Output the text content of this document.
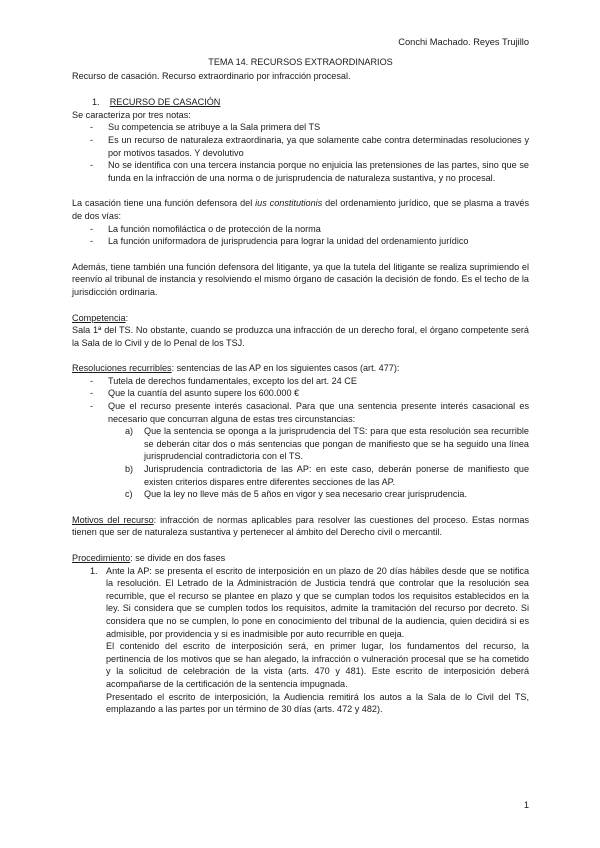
Conchi Machado. Reyes Trujillo
TEMA 14. RECURSOS EXTRAORDINARIOS
Recurso de casación. Recurso extraordinario por infracción procesal.
1. RECURSO DE CASACIÓN

Se caracteriza por tres notas:

- Su competencia se atribuye a la Sala primera del TS
- Es un recurso de naturaleza extraordinaria, ya que solamente cabe contra determinadas resoluciones y por motivos tasados. Y devolutivo
- No se identifica con una tercera instancia porque no enjuicia las pretensiones de las partes, sino que se funda en la infracción de una norma o de jurisprudencia de naturaleza sustantiva, y no procesal.

La casación tiene una función defensora del ius constitutionis del ordenamiento jurídico, que se plasma a través de dos vías:

- La función nomofiláctica o de protección de la norma
- La función uniformadora de jurisprudencia para lograr la unidad del ordenamiento jurídico

Además, tiene también una función defensora del litigante, ya que la tutela del litigante se realiza suprimiendo el reenvío al tribunal de instancia y resolviendo el mismo órgano de casación la decisión de fondo. Es el techo de la jurisdicción ordinaria.

Competencia:

Sala 1ª del TS. No obstante, cuando se produzca una infracción de un derecho foral, el órgano competente será la Sala de lo Civil y de lo Penal de los TSJ.

Resoluciones recurribles: sentencias de las AP en los siguientes casos (art. 477):

- Tutela de derechos fundamentales, excepto los del art. 24 CE
- Que la cuantía del asunto supere los 600.000 €
- Que el recurso presente interés casacional. Para que una sentencia presente interés casacional es necesario que concurran alguna de estas tres circunstancias:
a) Que la sentencia se oponga a la jurisprudencia del TS: para que esta resolución sea recurrible se deberán citar dos o más sentencias que pongan de manifiesto que se ha seguido una línea jurisprudencial contradictoria con el TS.
b) Jurisprudencia contradictoria de las AP: en este caso, deberán ponerse de manifiesto que existen criterios dispares entre diferentes secciones de las AP.
c) Que la ley no lleve más de 5 años en vigor y sea necesario crear jurisprudencia.

Motivos del recurso: infracción de normas aplicables para resolver las cuestiones del proceso. Estas normas tienen que ser de naturaleza sustantiva y pertenecer al ámbito del Derecho civil o mercantil.

Procedimiento: se divide en dos fases

1. Ante la AP: se presenta el escrito de interposición en un plazo de 20 días hábiles desde que se notifica la resolución. El Letrado de la Administración de Justicia tendrá que controlar que la resolución sea recurrible, que el recurso se plantee en plazo y que se cumplan todos los requisitos establecidos en la ley. Si considera que se cumplen todos los requisitos, admite la tramitación del recurso por decreto. Si considera que no se cumplen, lo pone en conocimiento del tribunal de la audiencia, quien decidirá si es admisible, por providencia y si es inadmisible por auto recurrible en queja.

El contenido del escrito de interposición será, en primer lugar, los fundamentos del recurso, la pertinencia de los motivos que se han alegado, la infracción o vulneración procesal que se ha cometido y la solicitud de celebración de la vista (arts. 470 y 481). Este escrito de interposición deberá acompañarse de la certificación de la sentencia impugnada.

Presentado el escrito de interposición, la Audiencia remitirá los autos a la Sala de lo Civil del TS, emplazando a las partes por un término de 30 días (arts. 472 y 482).

1
